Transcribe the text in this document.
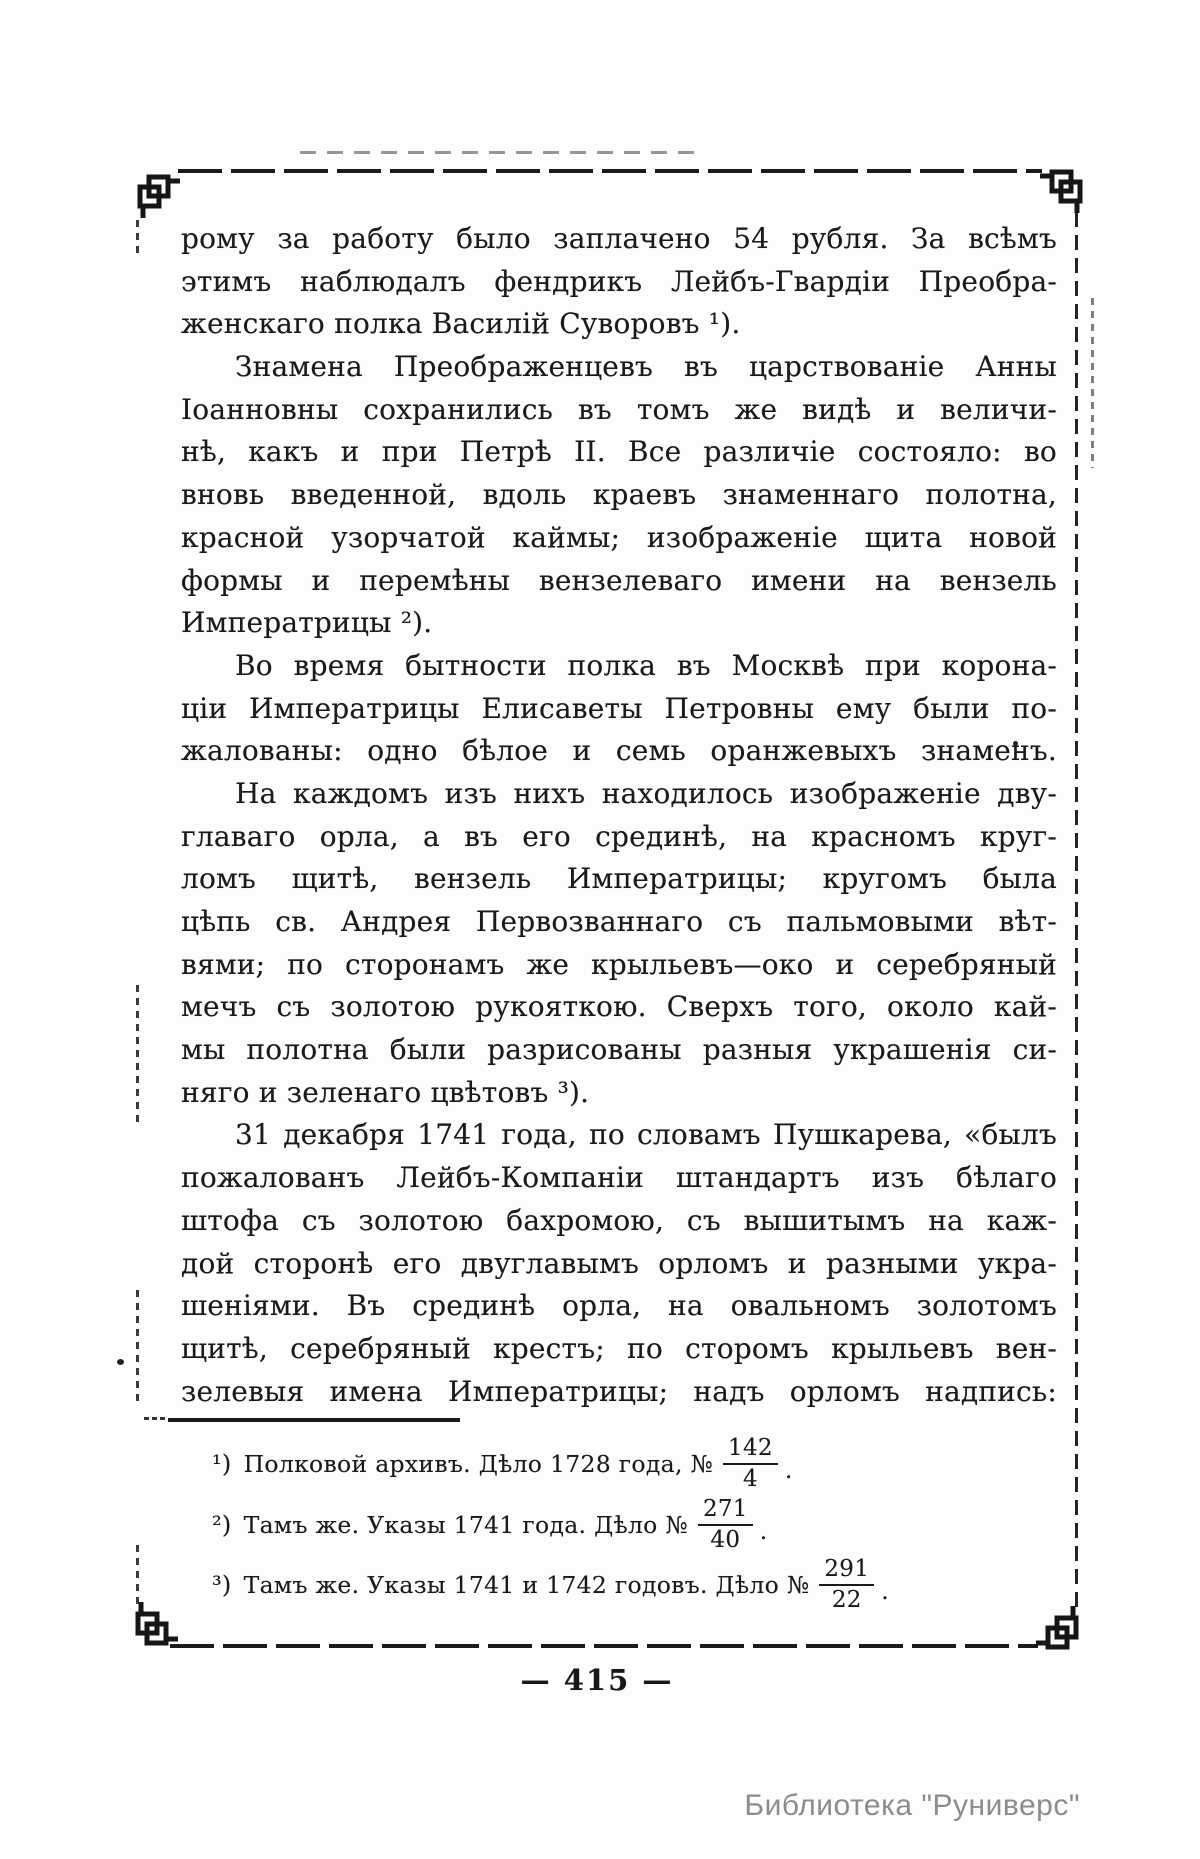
рому за работу было заплачено 54 рубля. За всѣмъ
этимъ наблюдалъ фендрикъ Лейбъ-Гвардіи Преобра-
женскаго полка Василій Суворовъ ¹).
Знамена Преображенцевъ въ царствованіе Анны
Іоанновны сохранились въ томъ же видѣ и величи-
нѣ, какъ и при Петрѣ II. Все различіе состояло: во
вновь введенной, вдоль краевъ знаменнаго полотна,
красной узорчатой каймы; изображеніе щита новой
формы и перемѣны вензелеваго имени на вензель
Императрицы ²).
Во время бытности полка въ Москвѣ при корона-
ціи Императрицы Елисаветы Петровны ему были по-
жалованы: одно бѣлое и семь оранжевыхъ знаменъ.
На каждомъ изъ нихъ находилось изображеніе дву-
главаго орла, а въ его срединѣ, на красномъ круг-
ломъ щитѣ, вензель Императрицы; кругомъ была
цѣпь св. Андрея Первозваннаго съ пальмовыми вѣт-
вями; по сторонамъ же крыльевъ—око и серебряный
мечъ съ золотою рукояткою. Сверхъ того, около кай-
мы полотна были разрисованы разныя украшенія си-
няго и зеленаго цвѣтовъ ³).
31 декабря 1741 года, по словамъ Пушкарева, «былъ
пожалованъ Лейбъ-Компаніи штандартъ изъ бѣлаго
штофа съ золотою бахромою, съ вышитымъ на каж-
дой сторонѣ его двуглавымъ орломъ и разными укра-
шеніями. Въ срединѣ орла, на овальномъ золотомъ
щитѣ, серебряный крестъ; по сторомъ крыльевъ вен-
зелевыя имена Императрицы; надъ орломъ надпись:
¹) Полковой архивъ. Дѣло 1728 года, № $\frac{142}{4}$ .
²) Тамъ же. Указы 1741 года. Дѣло № $\frac{271}{40}$ .
³) Тамъ же. Указы 1741 и 1742 годовъ. Дѣло № $\frac{291}{22}$ .
— 415 —
Библиотека "Руниверс"
